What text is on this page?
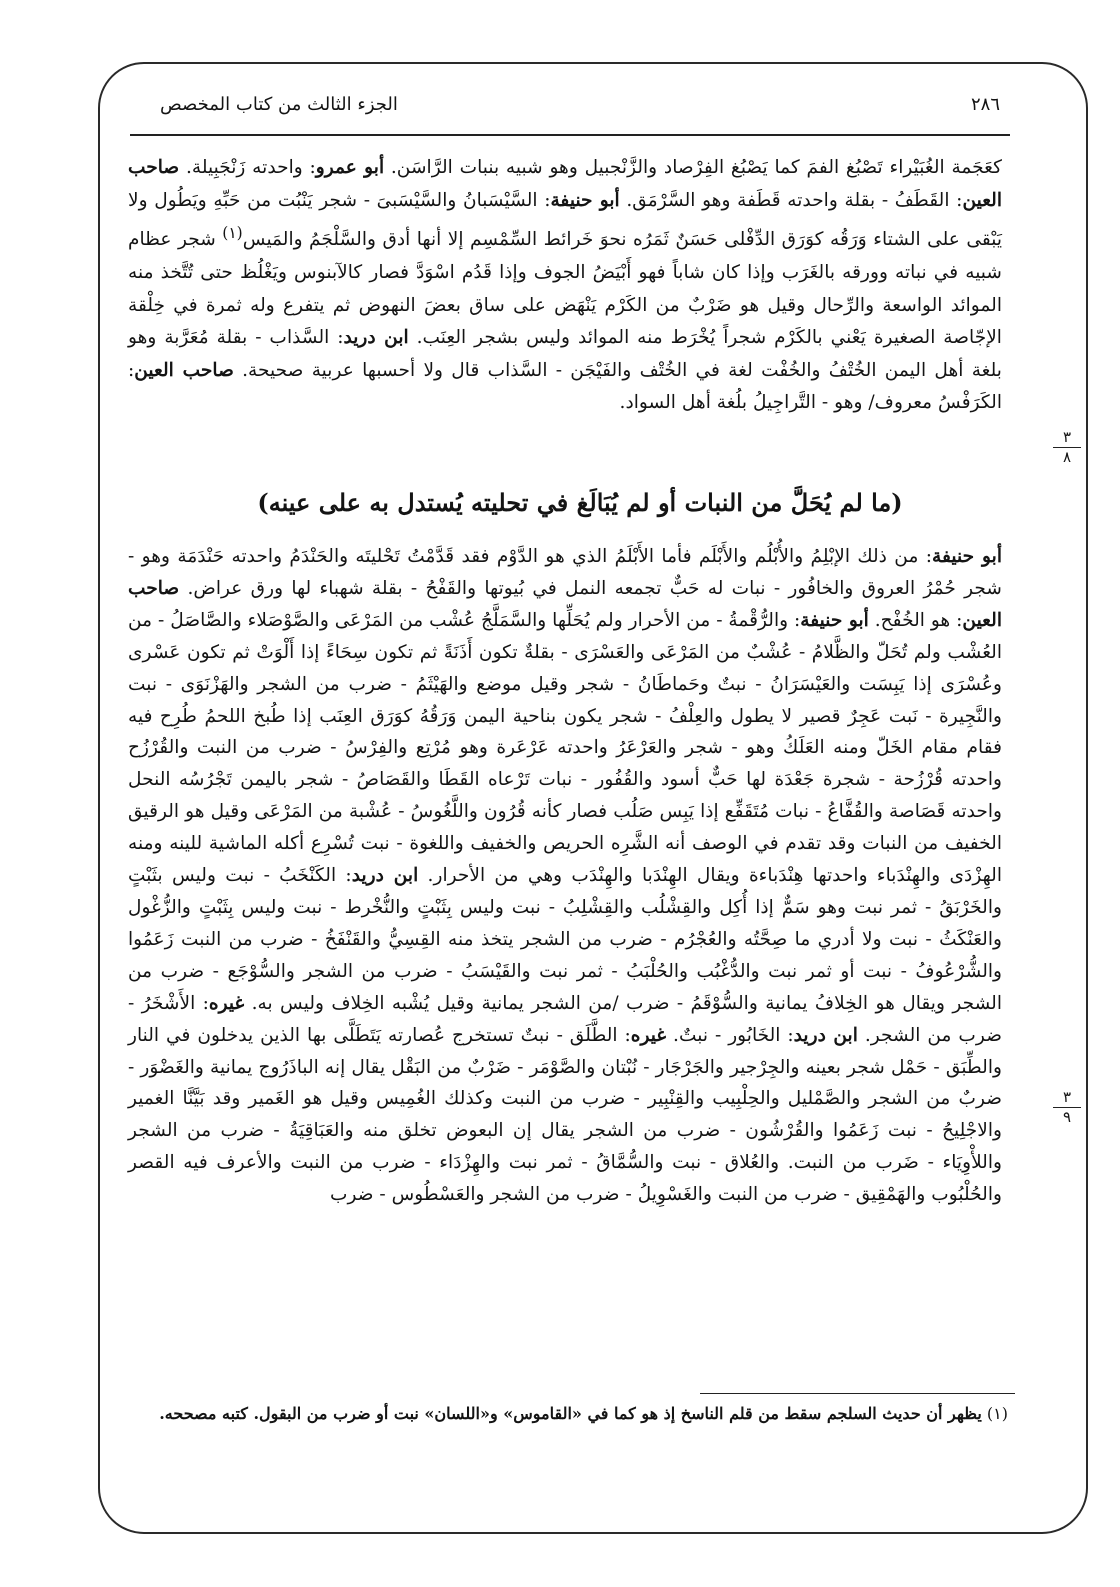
٢٨٦
الجزء الثالث من كتاب المخصص

كعَجَمة الغُبَيْراء تَصْبُغ الفمَ كما يَصْبُغ الفِرْصاد والزَّنْجبيل وهو شبيه بنبات الرَّاسَن. أبو عمرو: واحدته زَنْجَبِيلة. صاحب العين: القَطَفُ - بقلة واحدته قَطَفة وهو السَّرْمَق. أبو حنيفة: السَّيْسَبانُ والسَّيْسَبىَ - شجر يَنْبُت من حَبِّهِ ويَطُول ولا يَبْقى على الشتاء وَرَقُه كوَرَق الدِّفْلى حَسَنٌ ثَمَرُه نحوَ خَرائط السِّمْسِم إلا أنها أدق والسَّلْجَمُ والمَيس$^{(١)}$ شجر عظام شبيه في نباته وورقه بالغَرَب وإذا كان شاباً فهو أَبْيَضُ الجوف وإذا قَدُم اسْوَدَّ فصار كالآبنوس ويَغْلُظ حتى تُتَّخذ منه الموائد الواسعة والرِّحال وقيل هو ضَرْبٌ من الكَرْم يَنْهَض على ساق بعضَ النهوض ثم يتفرع وله ثمرة في خِلْقة الإجّاصة الصغيرة يَعْني بالكَرْم شجراً يُخْرَط منه الموائد وليس بشجر العِنَب. ابن دريد: السَّذاب - بقلة مُعَرَّبة وهو بلغة أهل اليمن الخُتْفُ والخُفْت لغة في الخُتْف والفَيْجَن - السَّذاب قال ولا أحسبها عربية صحيحة. صاحب العين: الكَرَفْسُ معروف/ وهو - التَّراجِيلُ بلُغة أهل السواد.

٣
٨
(ما لم يُحَلَّ من النبات أو لم يُبَالَغ في تحليته يُستدل به على عينه)

أبو حنيفة: من ذلك الإبْلِمُ والأُبْلُم والأَبْلَم فأما الأَبْلَمُ الذي هو الدَّوْم فقد قَدَّمْتُ تَحْليتَه والحَنْدَمُ واحدته حَنْدَمَة وهو - شجر حُمْرُ العروق والخافُور - نبات له حَبٌّ تجمعه النمل في بُيوتها والقَفْحُ - بقلة شهباء لها ورق عراض. صاحب العين: هو الخُفْح. أبو حنيفة: والرُّقْمةُ - من الأحرار ولم يُحَلِّها والسَّمَلَّجُ عُشْب من المَرْعَى والصَّوْصَلاء والصَّاصَلُ - من العُشْب ولم تُحَلّ والظَّلامُ - عُشْبٌ من المَرْعَى والعَسْرَى - بقلةٌ تكون أَذَنَةً ثم تكون سِحَاءً إذا أَلْوَتْ ثم تكون عَسْرى وعُسْرَى إذا يَبِسَت والعَيْسَرَانُ - نبتٌ وحَماطَانُ - شجر وقيل موضع والهَيْثَمُ - ضرب من الشجر والهَزْنَوَى - نبت والنَّجِيرة - نَبت عَجِرٌ قصير لا يطول والعِلْفُ - شجر يكون بناحية اليمن وَرَقُهُ كوَرَق العِنَب إذا طُبخ اللحمُ طُرِح فيه فقام مقام الخَلّ ومنه العَلَكُ وهو - شجر والعَرْعَرُ واحدته عَرْعَرة وهو مُرْتِع والفِرْسُ - ضرب من النبت والقُرْزُح واحدته قُرْزُحة - شجرة جَعْدَة لها حَبٌّ أسود والقُفُور - نبات تَرْعاه القَطَا والقَصَاصُ - شجر باليمن تَجْرُسُه النحل واحدته قَصَاصة والقُفَّاعُ - نبات مُتَقَفِّع إذا يَبِس صَلُب فصار كأنه قُرُون واللَّغُوسُ - عُشْبة من المَرْعَى وقيل هو الرقيق الخفيف من النبات وقد تقدم في الوصف أنه الشَّرِه الحريص والخفيف واللغوة - نبت تُسْرِع أكله الماشية للينه ومنه الهِزْدَى والهِنْدَباء واحدتها هِنْدَباءة ويقال الهِنْدَبا والهِنْدَب وهي من الأحرار. ابن دريد: الكَنْخَبُ - نبت وليس بثَبْتٍ والخَرْبَقُ - ثمر نبت وهو سَمٌّ إذا أُكِل والقِشْلُب والقِشْلِبُ - نبت وليس بِثَبْتٍ والنُّخْرط - نبت وليس بِثَبْتٍ والزُّغْول والعَنْكَثُ - نبت ولا أدري ما صِحَّتُه والعُجْرُم - ضرب من الشجر يتخذ منه القِسِيُّ والقَنْفَخُ - ضرب من النبت زَعَمُوا والشُّرْعُوفُ - نبت أو ثمر نبت والدُّغْبُب والحُلْبَبُ - ثمر نبت والقَيْسَبُ - ضرب من الشجر والسُّوْجَع - ضرب من الشجر ويقال هو الخِلافُ يمانية والسُّوْقَمُ - ضرب /من الشجر يمانية وقيل يُشْبه الخِلاف وليس به. غيره: الأَشْخَرُ - ضرب من الشجر. ابن دريد: الخَابُور - نبتٌ. غيره: الطَّلَق - نبتٌ تستخرج عُصارته يَتَطَلَّى بها الذين يدخلون في النار والطِّبَق - حَمْل شجر بعينه والجِرْجير والجَرْجَار - نُبْتان والصَّوْمَر - ضَرْبٌ من البَقْل يقال إنه الباذَرُوج يمانية والغَضْوَر - ضربٌ من الشجر والصَّمْليل والحِلْبِيب والقِنْبِير - ضرب من النبت وكذلك الغُمِيس وقيل هو الغَمير وقد بَيَّنَّا الغمير والاجْلِيحُ - نبت زَعَمُوا والقُرْشُون - ضرب من الشجر يقال إن البعوض تخلق منه والعَبَاقِيَةُ - ضرب من الشجر واللأْوِيَاء - ضَرب من النبت. والعُلاق - نبت والسُّمَّاقُ - ثمر نبت والهِزْدَاء - ضرب من النبت والأعرف فيه القصر والحُلْبُوب والهَمْقِيق - ضرب من النبت والغَسْوِيلُ - ضرب من الشجر والعَسْطُوس - ضرب

٣
٩
(١) يظهر أن حديث السلجم سقط من قلم الناسخ إذ هو كما في «القاموس» و«اللسان» نبت أو ضرب من البقول. كتبه مصححه.
